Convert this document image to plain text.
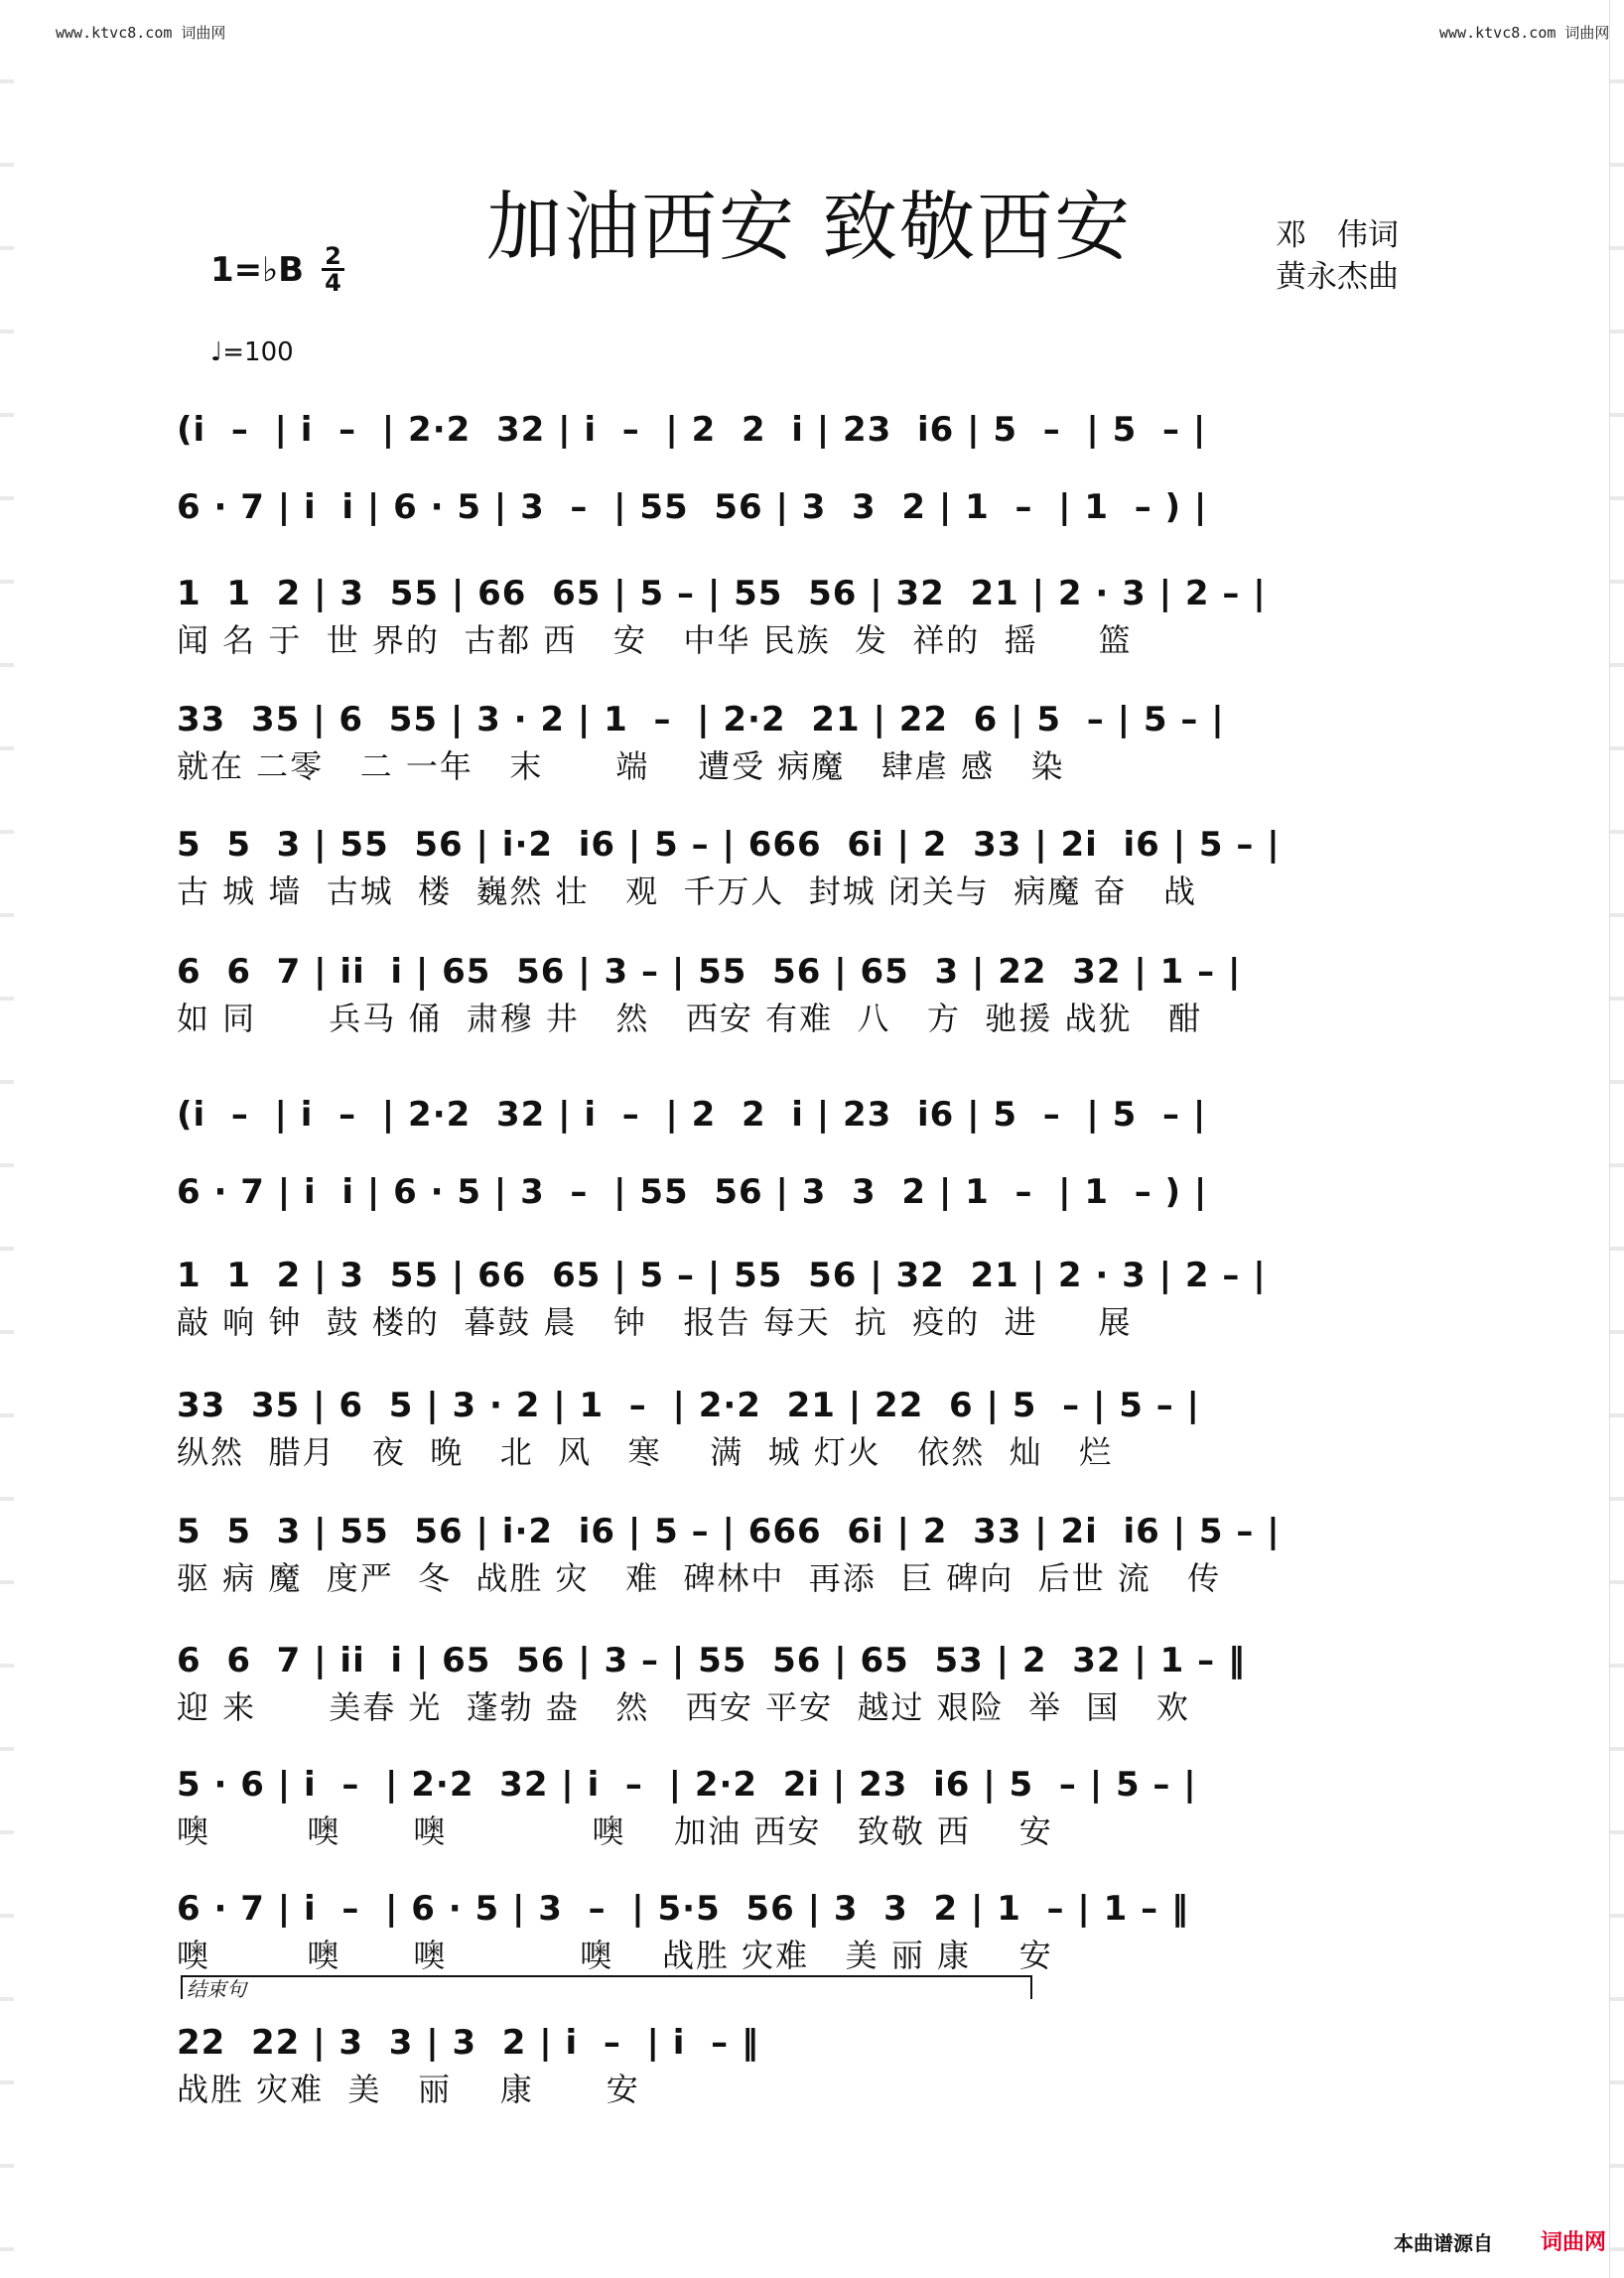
www.ktvc8.com 词曲网	www.ktvc8.com 词曲网
加油西安 致敬西安
1=♭B $\frac{2}{4}$
邓　伟词
黄永杰曲
♩=100
(i  –  | i  –  | 2·2  32 | i  –  | 2  2  i | 23  i6 | 5  –  | 5  – |
6 · 7 | i  i | 6 · 5 | 3  –  | 55  56 | 3  3  2 | 1  –  | 1  – ) |
1  1  2 | 3  55 | 66  65 | 5 – | 55  56 | 32  21 | 2 · 3 | 2 – |
闻 名 于  世 界的  古都 西   安   中华 民族  发  祥的  摇     篮
33  35 | 6  55 | 3 · 2 | 1  –  | 2·2  21 | 22  6 | 5  – | 5 – |
就在 二零   二 一年   末      端    遭受 病魔   肆虐 感   染
5  5  3 | 55  56 | i·2  i6 | 5 – | 666  6i | 2  33 | 2i  i6 | 5 – |
古 城 墙  古城  楼  巍然 壮   观  千万人  封城 闭关与  病魔 奋   战
6  6  7 | ii  i | 65  56 | 3 – | 55  56 | 65  3 | 22  32 | 1 – |
如 同      兵马 俑  肃穆 井   然   西安 有难  八   方  驰援 战犹   酣
(i  –  | i  –  | 2·2  32 | i  –  | 2  2  i | 23  i6 | 5  –  | 5  – |
6 · 7 | i  i | 6 · 5 | 3  –  | 55  56 | 3  3  2 | 1  –  | 1  – ) |
1  1  2 | 3  55 | 66  65 | 5 – | 55  56 | 32  21 | 2 · 3 | 2 – |
敲 响 钟  鼓 楼的  暮鼓 晨   钟   报告 每天  抗  疫的  进     展
33  35 | 6  5 | 3 · 2 | 1  –  | 2·2  21 | 22  6 | 5  – | 5 – |
纵然  腊月   夜  晚   北  风   寒    满  城 灯火   依然  灿   烂
5  5  3 | 55  56 | i·2  i6 | 5 – | 666  6i | 2  33 | 2i  i6 | 5 – |
驱 病 魔  度严  冬  战胜 灾   难  碑林中  再添  巨 碑向  后世 流   传
6  6  7 | ii  i | 65  56 | 3 – | 55  56 | 65  53 | 2  32 | 1 – ‖
迎 来      美春 光  蓬勃 盎   然   西安 平安  越过 艰险  举  国   欢
5 · 6 | i  –  | 2·2  32 | i  –  | 2·2  2i | 23  i6 | 5  – | 5 – |
噢        噢      噢            噢    加油 西安   致敬 西    安
6 · 7 | i  –  | 6 · 5 | 3  –  | 5·5  56 | 3  3  2 | 1  – | 1 – ‖
噢        噢      噢           噢    战胜 灾难   美 丽 康    安
结束句
22  22 | 3  3 | 3  2 | i  –  | i  – ‖
战胜 灾难  美   丽    康      安
本曲谱源自 词曲网
